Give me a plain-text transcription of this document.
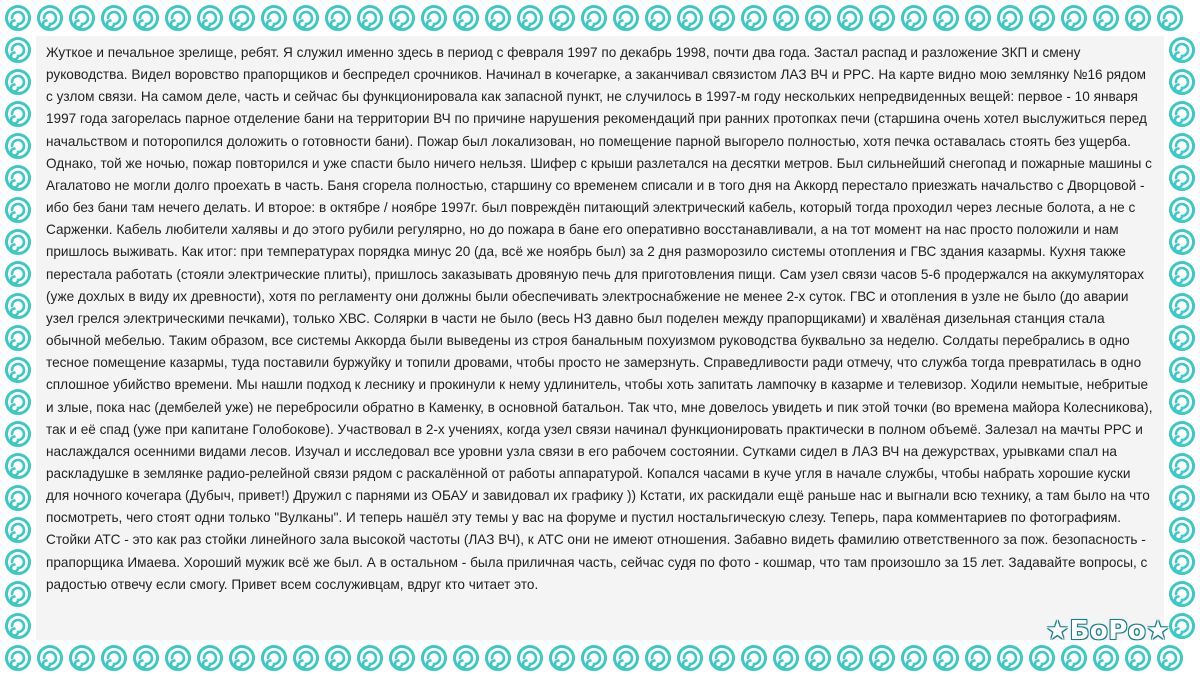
Жуткое и печальное зрелище, ребят. Я служил именно здесь в период с февраля 1997 по декабрь 1998, почти два года. Застал распад и разложение ЗКП и смену руководства. Видел воровство прапорщиков и беспредел срочников. Начинал в кочегарке, а заканчивал связистом ЛАЗ ВЧ и РРС. На карте видно мою землянку №16 рядом с узлом связи. На самом деле, часть и сейчас бы функционировала как запасной пункт, не случилось в 1997-м году нескольких непредвиденных вещей: первое - 10 января 1997 года загорелась парное отделение бани на территории ВЧ по причине нарушения рекомендаций при ранних протопках печи (старшина очень хотел выслужиться перед начальством и поторопился доложить о готовности бани). Пожар был локализован, но помещение парной выгорело полностью, хотя печка оставалась стоять без ущерба. Однако, той же ночью, пожар повторился и уже спасти было ничего нельзя. Шифер с крыши разлетался на десятки метров. Был сильнейший снегопад и пожарные машины с Агалатово не могли долго проехать в часть. Баня сгорела полностью, старшину со временем списали и в того дня на Аккорд перестало приезжать начальство с Дворцовой - ибо без бани там нечего делать. И второе: в октябре / ноябре 1997г. был повреждён питающий электрический кабель, который тогда проходил через лесные болота, а не с Сарженки. Кабель любители халявы и до этого рубили регулярно, но до пожара в бане его оперативно восстанавливали, а на тот момент на нас просто положили и нам пришлось выживать. Как итог: при температурах порядка минус 20 (да, всё же ноябрь был) за 2 дня разморозило системы отопления и ГВС здания казармы. Кухня также перестала работать (стояли электрические плиты), пришлось заказывать дровяную печь для приготовления пищи. Сам узел связи часов 5-6 продержался на аккумуляторах (уже дохлых в виду их древности), хотя по регламенту они должны были обеспечивать электроснабжение не менее 2-х суток. ГВС и отопления в узле не было (до аварии узел грелся электрическими печками), только ХВС. Солярки в части не было (весь НЗ давно был поделен между прапорщиками) и хвалёная дизельная станция стала обычной мебелью. Таким образом, все системы Аккорда были выведены из строя банальным похуизмом руководства буквально за неделю. Солдаты перебрались в одно тесное помещение казармы, туда поставили буржуйку и топили дровами, чтобы просто не замерзнуть. Справедливости ради отмечу, что служба тогда превратилась в одно сплошное убийство времени. Мы нашли подход к леснику и прокинули к нему удлинитель, чтобы хоть запитать лампочку в казарме и телевизор. Ходили немытые, небритые и злые, пока нас (дембелей уже) не перебросили обратно в Каменку, в основной батальон. Так что, мне довелось увидеть и пик этой точки (во времена майора Колесникова), так и её спад (уже при капитане Голобокове). Участвовал в 2-х учениях, когда узел связи начинал функционировать практически в полном объемё. Залезал на мачты РРС и наслаждался осенними видами лесов. Изучал и исследовал все уровни узла связи в его рабочем состоянии. Сутками сидел в ЛАЗ ВЧ на дежурствах, урывками спал на раскладушке в землянке радио-релейной связи рядом с раскалённой от работы аппаратурой. Копался часами в куче угля в начале службы, чтобы набрать хорошие куски для ночного кочегара (Дубыч, привет!) Дружил с парнями из ОБАУ и завидовал их графику )) Кстати, их раскидали ещё раньше нас и выгнали всю технику, а там было на что посмотреть, чего стоят одни только "Вулканы". И теперь нашёл эту темы у вас на форуме и пустил ностальгическую слезу. Теперь, пара комментариев по фотографиям. Стойки АТС - это как раз стойки линейного зала высокой частоты (ЛАЗ ВЧ), к АТС они не имеют отношения. Забавно видеть фамилию ответственного за пож. безопасность - прапорщика Имаева. Хороший мужик всё же был. А в остальном - была приличная часть, сейчас судя по фото - кошмар, что там произошло за 15 лет. Задавайте вопросы, с радостью отвечу если смогу. Привет всем сослуживцам, вдруг кто читает это.

★БоРо★
